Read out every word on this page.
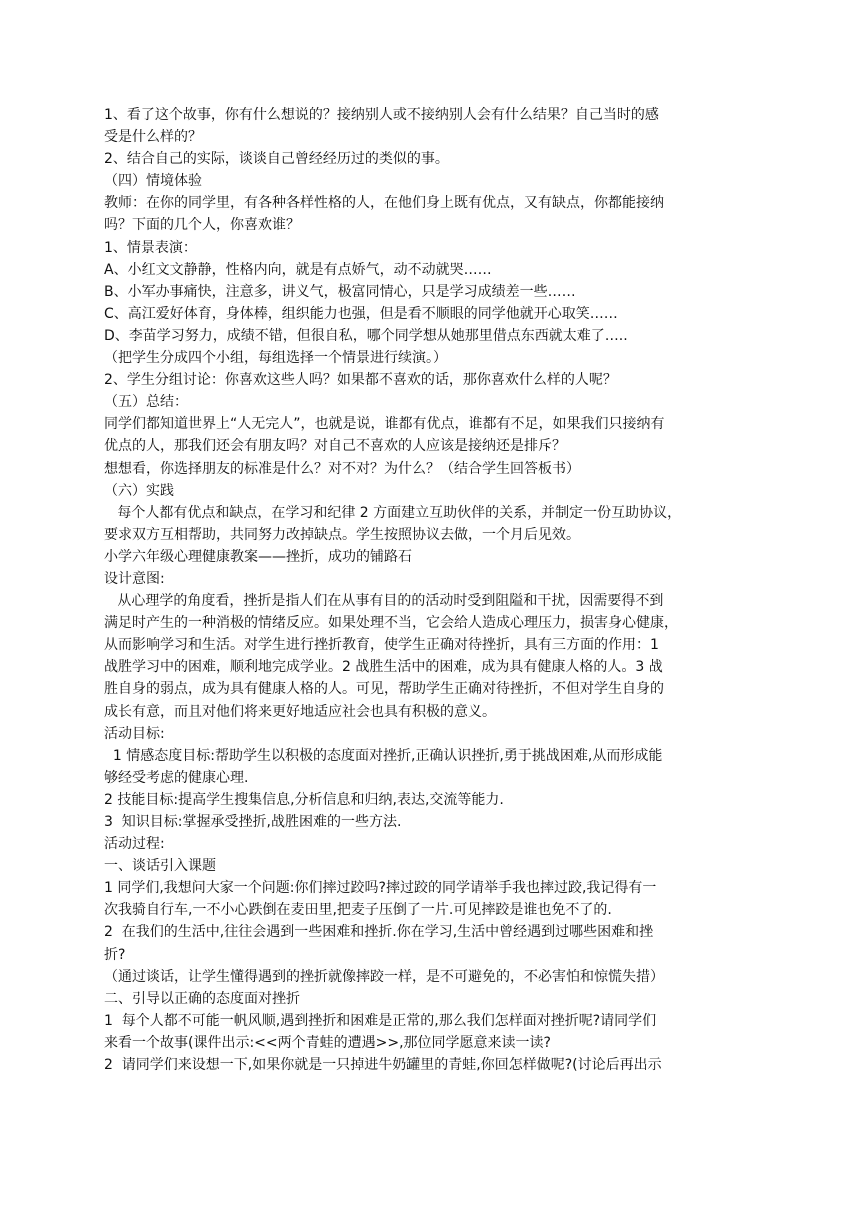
1、看了这个故事，你有什么想说的？接纳别人或不接纳别人会有什么结果？自己当时的感
受是什么样的？
2、结合自己的实际，谈谈自己曾经经历过的类似的事。
（四）情境体验
教师：在你的同学里，有各种各样性格的人，在他们身上既有优点，又有缺点，你都能接纳
吗？下面的几个人，你喜欢谁？
1、情景表演：
A、小红文文静静，性格内向，就是有点娇气，动不动就哭……
B、小军办事痛快，注意多，讲义气，极富同情心，只是学习成绩差一些……
C、高江爱好体育，身体棒，组织能力也强，但是看不顺眼的同学他就开心取笑……
D、李苗学习努力，成绩不错，但很自私，哪个同学想从她那里借点东西就太难了…..
（把学生分成四个小组，每组选择一个情景进行续演。）
2、学生分组讨论：你喜欢这些人吗？如果都不喜欢的话，那你喜欢什么样的人呢？
（五）总结：
同学们都知道世界上“人无完人”，也就是说，谁都有优点，谁都有不足，如果我们只接纳有
优点的人，那我们还会有朋友吗？对自己不喜欢的人应该是接纳还是排斥？
想想看，你选择朋友的标准是什么？对不对？为什么？（结合学生回答板书）
（六）实践
每个人都有优点和缺点，在学习和纪律 2 方面建立互助伙伴的关系，并制定一份互助协议，
要求双方互相帮助，共同努力改掉缺点。学生按照协议去做，一个月后见效。
小学六年级心理健康教案——挫折，成功的铺路石
设计意图:
从心理学的角度看，挫折是指人们在从事有目的的活动时受到阻隘和干扰，因需要得不到
满足时产生的一种消极的情绪反应。如果处理不当，它会给人造成心理压力，损害身心健康，
从而影响学习和生活。对学生进行挫折教育，使学生正确对待挫折，具有三方面的作用：1
战胜学习中的困难，顺利地完成学业。2 战胜生活中的困难，成为具有健康人格的人。3 战
胜自身的弱点，成为具有健康人格的人。可见，帮助学生正确对待挫折，不但对学生自身的
成长有意，而且对他们将来更好地适应社会也具有积极的意义。
活动目标:
1 情感态度目标:帮助学生以积极的态度面对挫折,正确认识挫折,勇于挑战困难,从而形成能
够经受考虑的健康心理.
2 技能目标:提高学生搜集信息,分析信息和归纳,表达,交流等能力.
3  知识目标:掌握承受挫折,战胜困难的一些方法.
活动过程:
一、谈话引入课题
1 同学们,我想问大家一个问题:你们摔过跤吗?摔过跤的同学请举手我也摔过跤,我记得有一
次我骑自行车,一不小心跌倒在麦田里,把麦子压倒了一片.可见摔跤是谁也免不了的.
2  在我们的生活中,往往会遇到一些困难和挫折.你在学习,生活中曾经遇到过哪些困难和挫
折?
（通过谈话，让学生懂得遇到的挫折就像摔跤一样，是不可避免的，不必害怕和惊慌失措）
二、引导以正确的态度面对挫折
1  每个人都不可能一帆风顺,遇到挫折和困难是正常的,那么我们怎样面对挫折呢?请同学们
来看一个故事(课件出示:<<两个青蛙的遭遇>>,那位同学愿意来读一读?
2  请同学们来设想一下,如果你就是一只掉进牛奶罐里的青蛙,你回怎样做呢?(讨论后再出示
